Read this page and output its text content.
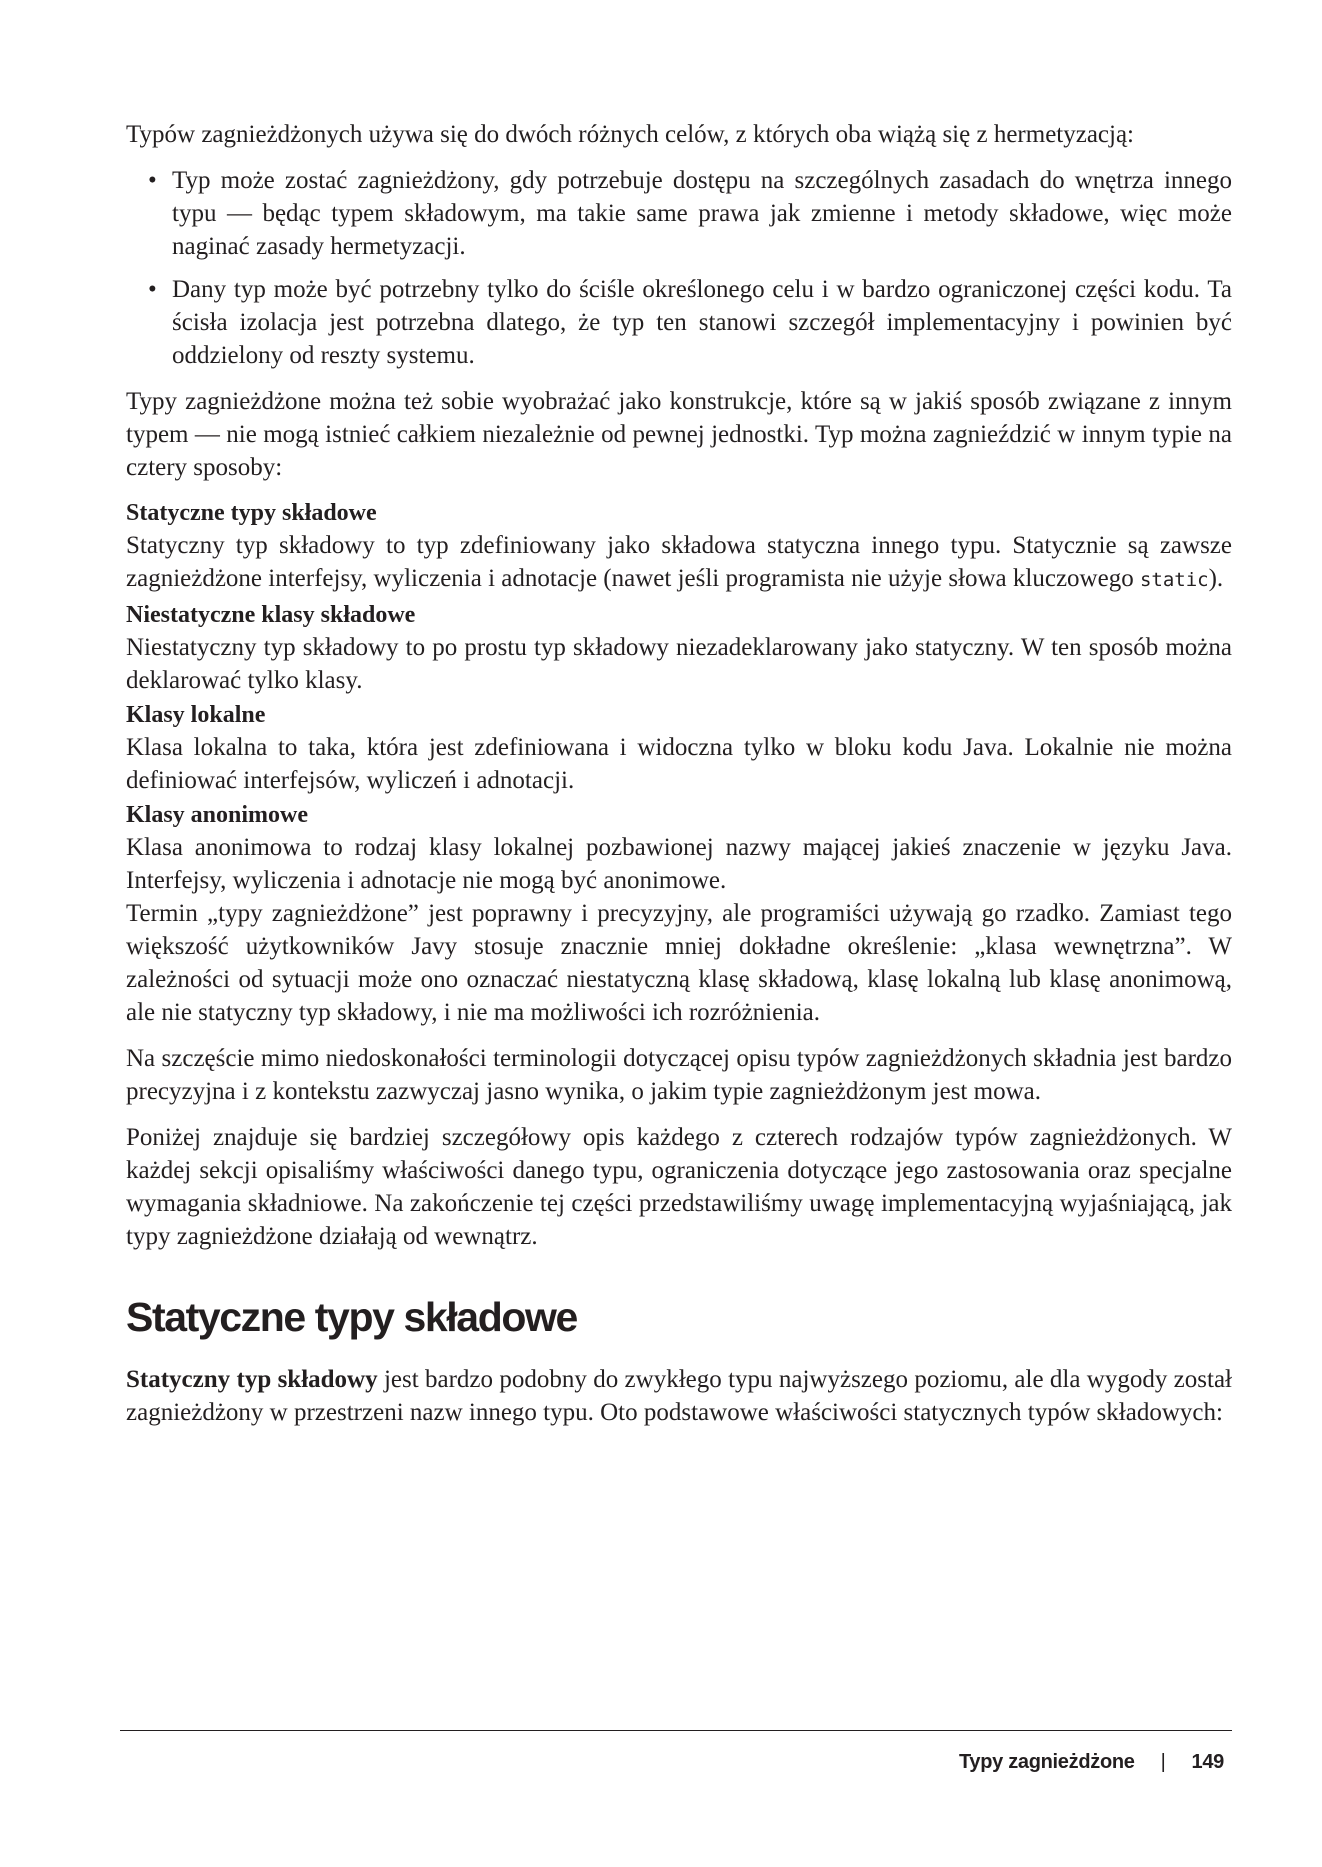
Typów zagnieżdżonych używa się do dwóch różnych celów, z których oba wiążą się z hermetyzacją:

• Typ może zostać zagnieżdżony, gdy potrzebuje dostępu na szczególnych zasadach do wnętrza innego typu — będąc typem składowym, ma takie same prawa jak zmienne i metody składowe, więc może naginać zasady hermetyzacji.
• Dany typ może być potrzebny tylko do ściśle określonego celu i w bardzo ograniczonej części kodu. Ta ścisła izolacja jest potrzebna dlatego, że typ ten stanowi szczegół implementacyjny i powinien być oddzielony od reszty systemu.

Typy zagnieżdżone można też sobie wyobrażać jako konstrukcje, które są w jakiś sposób związane z innym typem — nie mogą istnieć całkiem niezależnie od pewnej jednostki. Typ można zagnieździć w innym typie na cztery sposoby:

Statyczne typy składowe
Statyczny typ składowy to typ zdefiniowany jako składowa statyczna innego typu. Statycznie są zawsze zagnieżdżone interfejsy, wyliczenia i adnotacje (nawet jeśli programista nie użyje słowa kluczowego static).
Niestatyczne klasy składowe
Niestatyczny typ składowy to po prostu typ składowy niezadeklarowany jako statyczny. W ten sposób można deklarować tylko klasy.
Klasy lokalne
Klasa lokalna to taka, która jest zdefiniowana i widoczna tylko w bloku kodu Java. Lokalnie nie można definiować interfejsów, wyliczeń i adnotacji.
Klasy anonimowe
Klasa anonimowa to rodzaj klasy lokalnej pozbawionej nazwy mającej jakieś znaczenie w języku Java. Interfejsy, wyliczenia i adnotacje nie mogą być anonimowe.

Termin „typy zagnieżdżone” jest poprawny i precyzyjny, ale programiści używają go rzadko. Zamiast tego większość użytkowników Javy stosuje znacznie mniej dokładne określenie: „klasa wewnętrzna”. W zależności od sytuacji może ono oznaczać niestatyczną klasę składową, klasę lokalną lub klasę anonimową, ale nie statyczny typ składowy, i nie ma możliwości ich rozróżnienia.

Na szczęście mimo niedoskonałości terminologii dotyczącej opisu typów zagnieżdżonych składnia jest bardzo precyzyjna i z kontekstu zazwyczaj jasno wynika, o jakim typie zagnieżdżonym jest mowa.

Poniżej znajduje się bardziej szczegółowy opis każdego z czterech rodzajów typów zagnieżdżonych. W każdej sekcji opisaliśmy właściwości danego typu, ograniczenia dotyczące jego zastosowania oraz specjalne wymagania składniowe. Na zakończenie tej części przedstawiliśmy uwagę implementacyjną wyjaśniającą, jak typy zagnieżdżone działają od wewnątrz.

Statyczne typy składowe

Statyczny typ składowy jest bardzo podobny do zwykłego typu najwyższego poziomu, ale dla wygody został zagnieżdżony w przestrzeni nazw innego typu. Oto podstawowe właściwości statycznych typów składowych:

Typy zagnieżdżone | 149
